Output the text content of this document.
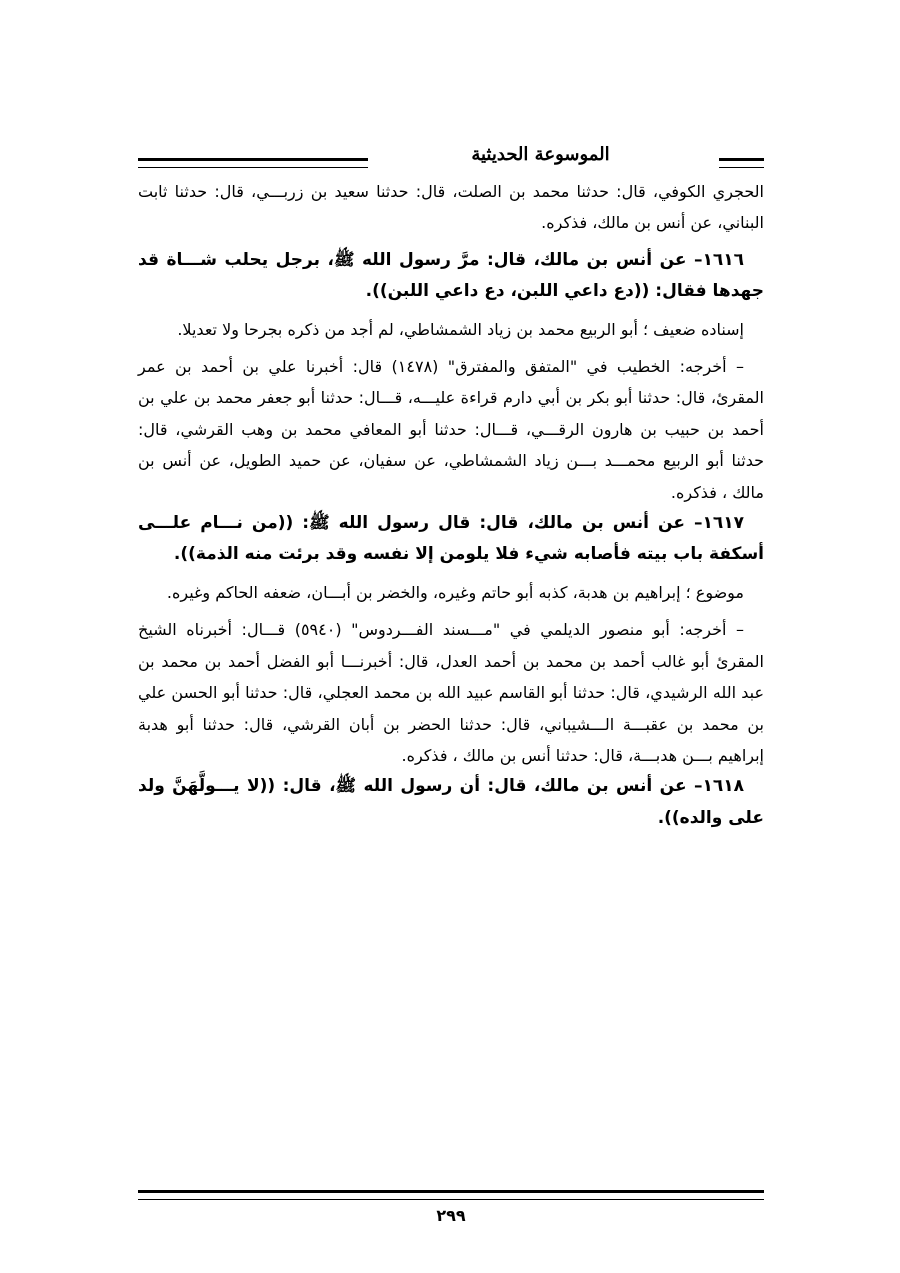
الموسوعة الحديثية

الحجري الكوفي، قال: حدثنا محمد بن الصلت، قال: حدثنا سعيد بن زربـــي، قال: حدثنا ثابت البناني، عن أنس بن مالك، فذكره.

١٦١٦– عن أنس بن مالك، قال: مرَّ رسول الله ﷺ، برجل يحلب شـــاة قد جهدها فقال: ((دع داعي اللبن، دع داعي اللبن)).

إسناده ضعيف ؛ أبو الربيع محمد بن زياد الشمشاطي، لم أجد من ذكره بجرحا ولا تعديلا.

– أخرجه: الخطيب في "المتفق والمفترق" (١٤٧٨) قال: أخبرنا علي بن أحمد بن عمر المقرئ، قال: حدثنا أبو بكر بن أبي دارم قراءة عليـــه، قـــال: حدثنا أبو جعفر محمد بن علي بن أحمد بن حبيب بن هارون الرقـــي، قـــال: حدثنا أبو المعافي محمد بن وهب القرشي، قال: حدثنا أبو الربيع محمـــد بـــن زياد الشمشاطي، عن سفيان، عن حميد الطويل، عن أنس بن مالك ، فذكره.

١٦١٧– عن أنس بن مالك، قال: قال رسول الله ﷺ: ((من نـــام علـــى أسكفة باب بيته فأصابه شيء فلا يلومن إلا نفسه وقد برئت منه الذمة)).

موضوع ؛ إبراهيم بن هدبة، كذبه أبو حاتم وغيره، والخضر بن أبـــان، ضعفه الحاكم وغيره.

– أخرجه: أبو منصور الديلمي في "مـــسند الفـــردوس" (٥٩٤٠) قـــال: أخبرناه الشيخ المقرئ أبو غالب أحمد بن محمد بن أحمد العدل، قال: أخبرنـــا أبو الفضل أحمد بن محمد بن عبد الله الرشيدي، قال: حدثنا أبو القاسم عبيد الله بن محمد العجلي، قال: حدثنا أبو الحسن علي بن محمد بن عقبـــة الـــشيباني، قال: حدثنا الحضر بن أبان القرشي، قال: حدثنا أبو هدبة إبراهيم بـــن هدبـــة، قال: حدثنا أنس بن مالك ، فذكره.

١٦١٨– عن أنس بن مالك، قال: أن رسول الله ﷺ، قال: ((لا يـــولَّهَنَّ ولد على والده)).

٢٩٩
